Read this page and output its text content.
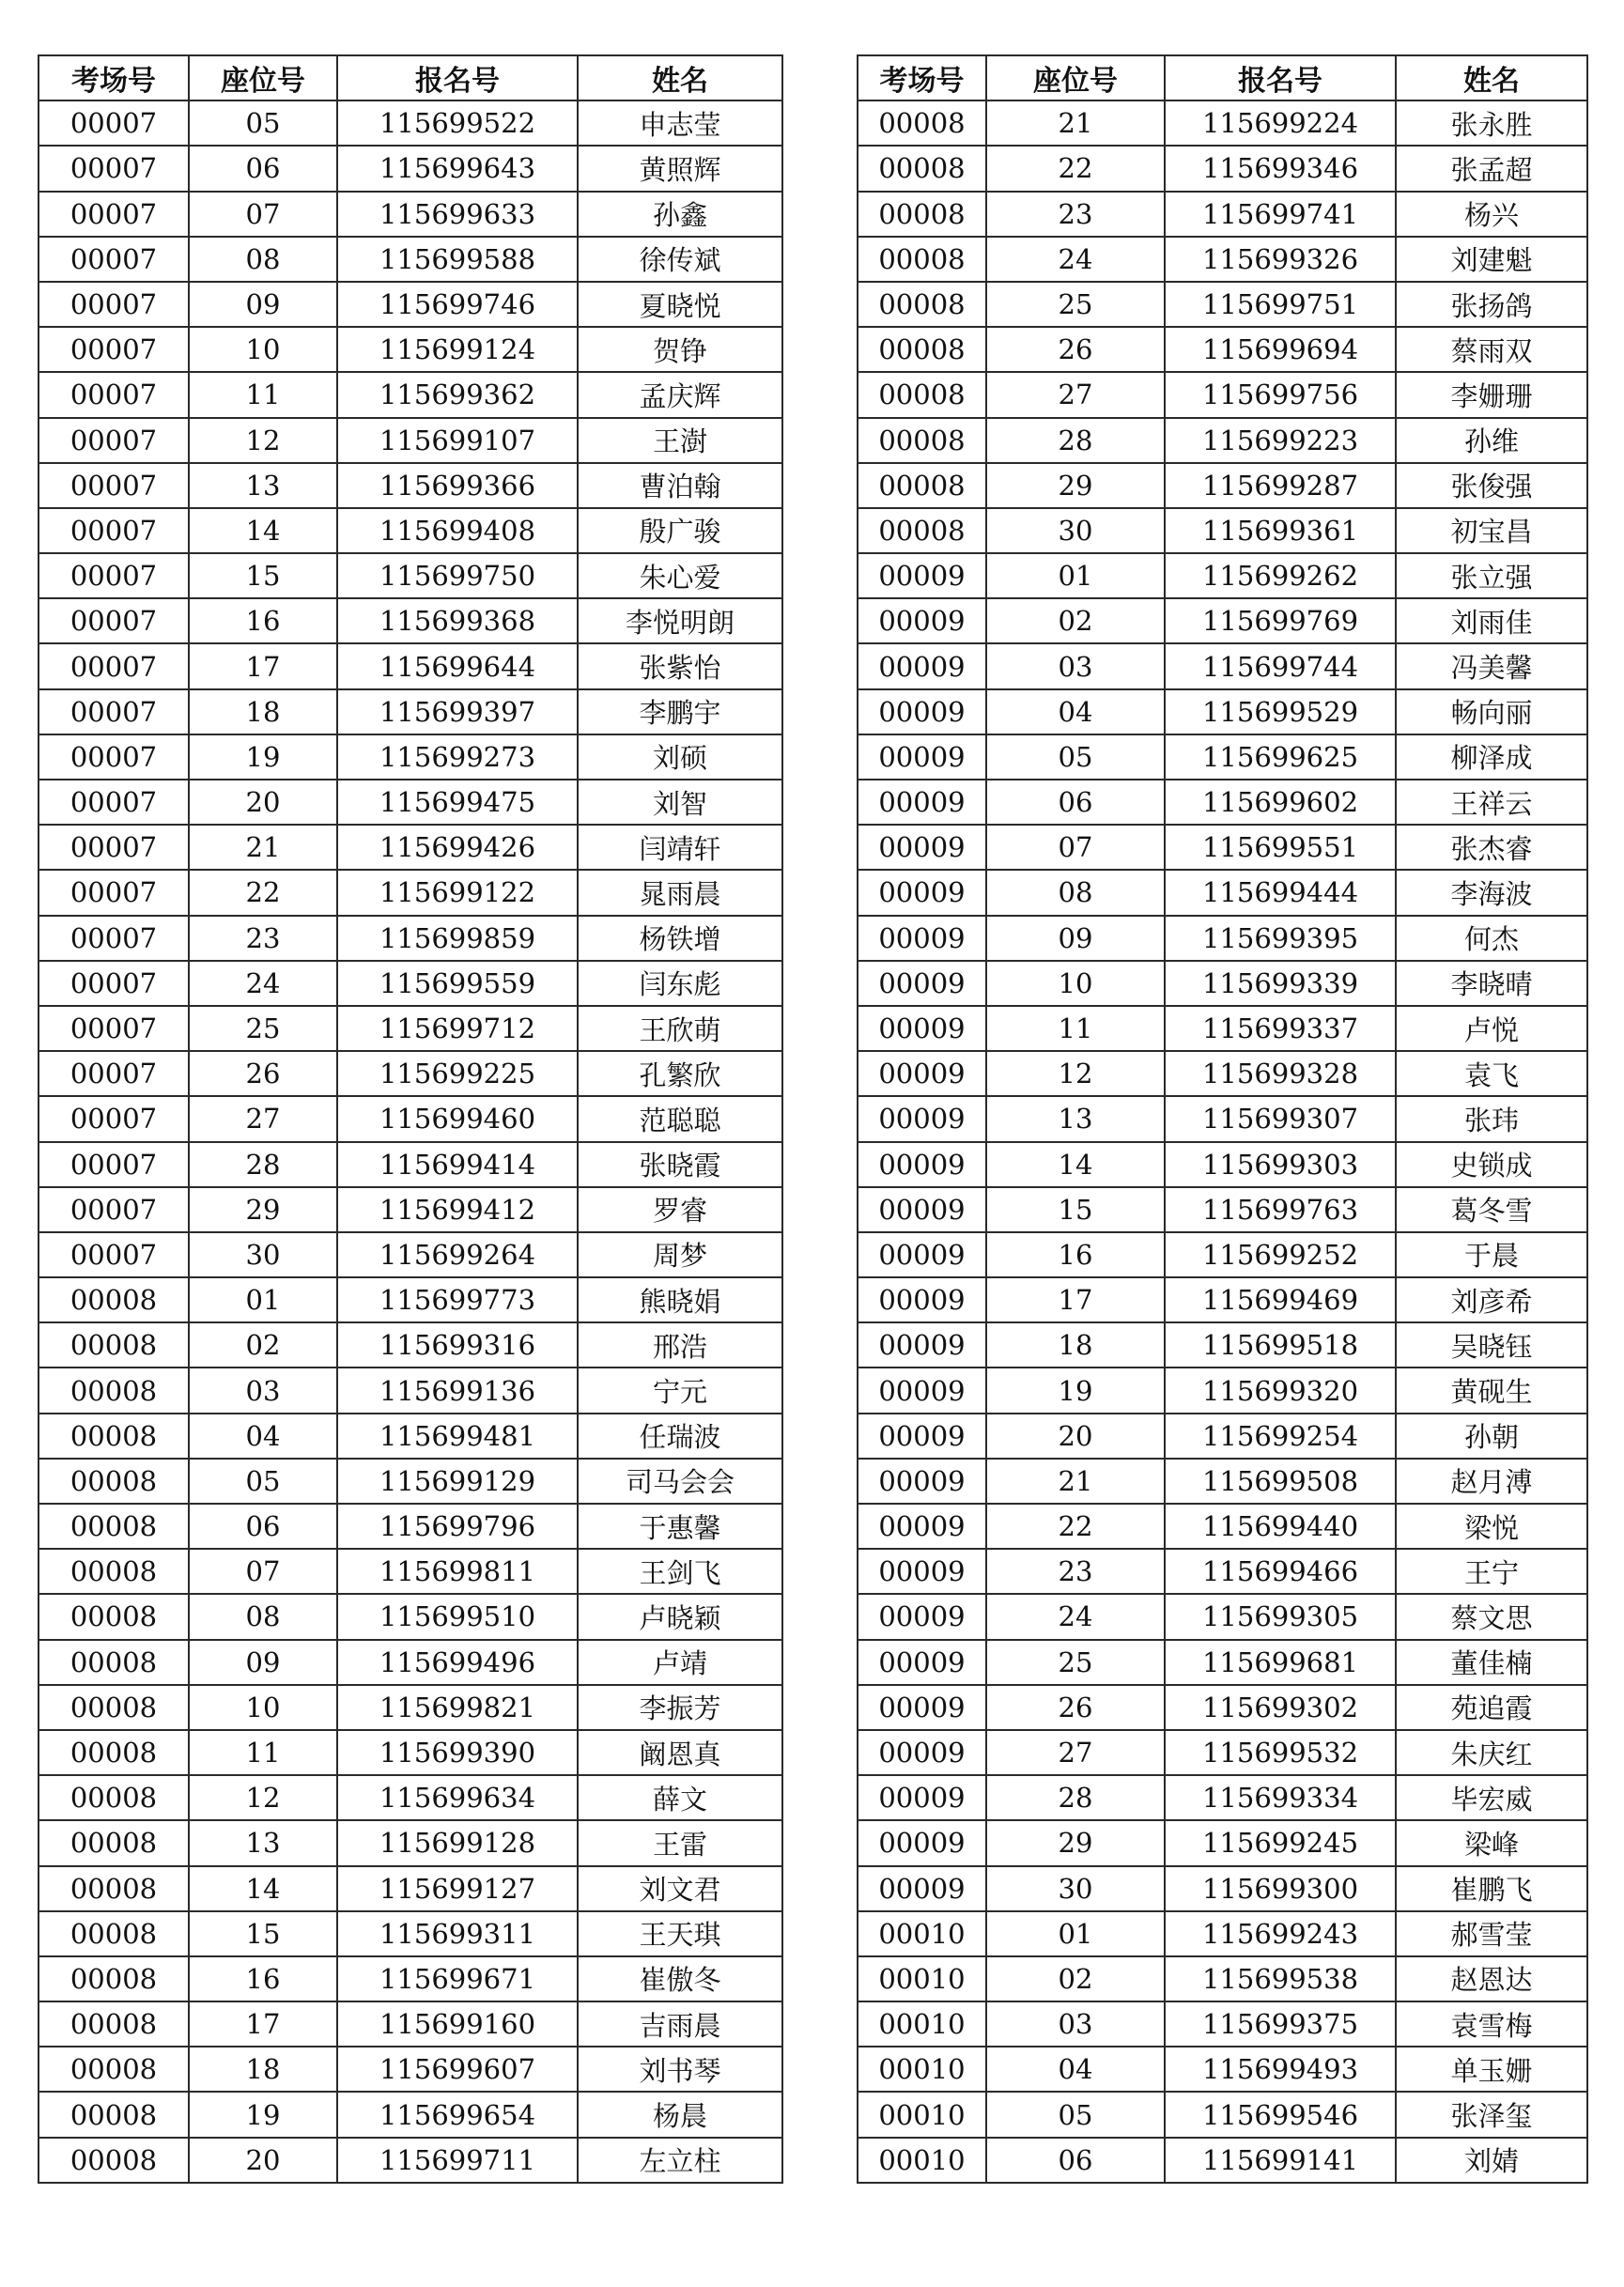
考场号	座位号	报名号	姓名
00007	05	115699522	申志莹
00007	06	115699643	黄照辉
00007	07	115699633	孙鑫
00007	08	115699588	徐传斌
00007	09	115699746	夏晓悦
00007	10	115699124	贺铮
00007	11	115699362	孟庆辉
00007	12	115699107	王澍
00007	13	115699366	曹泊翰
00007	14	115699408	殷广骏
00007	15	115699750	朱心爱
00007	16	115699368	李悦明朗
00007	17	115699644	张紫怡
00007	18	115699397	李鹏宇
00007	19	115699273	刘硕
00007	20	115699475	刘智
00007	21	115699426	闫靖轩
00007	22	115699122	晁雨晨
00007	23	115699859	杨铁增
00007	24	115699559	闫东彪
00007	25	115699712	王欣萌
00007	26	115699225	孔繁欣
00007	27	115699460	范聪聪
00007	28	115699414	张晓霞
00007	29	115699412	罗睿
00007	30	115699264	周梦
00008	01	115699773	熊晓娟
00008	02	115699316	邢浩
00008	03	115699136	宁元
00008	04	115699481	任瑞波
00008	05	115699129	司马会会
00008	06	115699796	于惠馨
00008	07	115699811	王剑飞
00008	08	115699510	卢晓颖
00008	09	115699496	卢靖
00008	10	115699821	李振芳
00008	11	115699390	阚恩真
00008	12	115699634	薛文
00008	13	115699128	王雷
00008	14	115699127	刘文君
00008	15	115699311	王天琪
00008	16	115699671	崔傲冬
00008	17	115699160	吉雨晨
00008	18	115699607	刘书琴
00008	19	115699654	杨晨
00008	20	115699711	左立柱
考场号	座位号	报名号	姓名
00008	21	115699224	张永胜
00008	22	115699346	张孟超
00008	23	115699741	杨兴
00008	24	115699326	刘建魁
00008	25	115699751	张扬鸽
00008	26	115699694	蔡雨双
00008	27	115699756	李姗珊
00008	28	115699223	孙维
00008	29	115699287	张俊强
00008	30	115699361	初宝昌
00009	01	115699262	张立强
00009	02	115699769	刘雨佳
00009	03	115699744	冯美馨
00009	04	115699529	畅向丽
00009	05	115699625	柳泽成
00009	06	115699602	王祥云
00009	07	115699551	张杰睿
00009	08	115699444	李海波
00009	09	115699395	何杰
00009	10	115699339	李晓晴
00009	11	115699337	卢悦
00009	12	115699328	袁飞
00009	13	115699307	张玮
00009	14	115699303	史锁成
00009	15	115699763	葛冬雪
00009	16	115699252	于晨
00009	17	115699469	刘彦希
00009	18	115699518	吴晓钰
00009	19	115699320	黄砚生
00009	20	115699254	孙朝
00009	21	115699508	赵月溥
00009	22	115699440	梁悦
00009	23	115699466	王宁
00009	24	115699305	蔡文思
00009	25	115699681	董佳楠
00009	26	115699302	苑追霞
00009	27	115699532	朱庆红
00009	28	115699334	毕宏威
00009	29	115699245	梁峰
00009	30	115699300	崔鹏飞
00010	01	115699243	郝雪莹
00010	02	115699538	赵恩达
00010	03	115699375	袁雪梅
00010	04	115699493	单玉姗
00010	05	115699546	张泽玺
00010	06	115699141	刘婧
